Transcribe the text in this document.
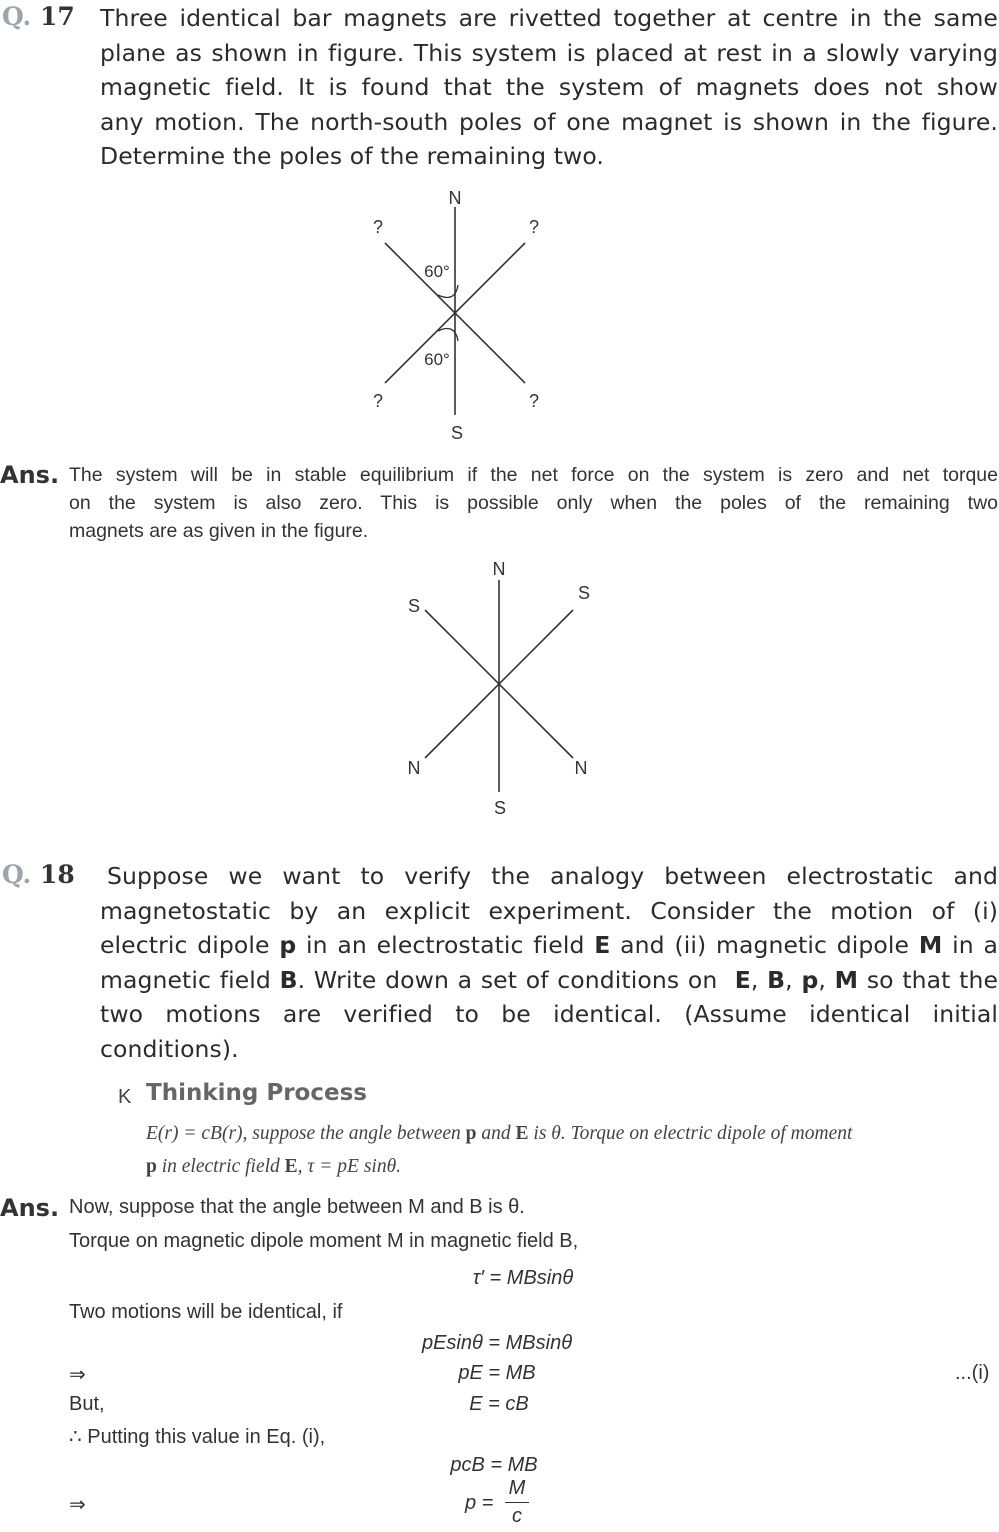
Q. 17 Three identical bar magnets are rivetted together at centre in the same
plane as shown in figure. This system is placed at rest in a slowly varying
magnetic field. It is found that the system of magnets does not show
any motion. The north-south poles of one magnet is shown in the figure.
Determine the poles of the remaining two.
N
S
?	?
?	?
60°
60°
Ans. The system will be in stable equilibrium if the net force on the system is zero and net torque
on the system is also zero. This is possible only when the poles of the remaining two
magnets are as given in the figure.
N
S
S
S
N	N
Q. 18 Suppose we want to verify the analogy between electrostatic and
magnetostatic by an explicit experiment. Consider the motion of (i)
electric dipole p in an electrostatic field E and (ii) magnetic dipole M in a
magnetic field B. Write down a set of conditions on  E, B, p, M so that the
two motions are verified to be identical. (Assume identical initial
conditions).
K Thinking Process
E(r) = cB(r), suppose the angle between p and E is θ. Torque on electric dipole of moment
p in electric field E, τ = pE sinθ.
Ans. Now, suppose that the angle between M and B is θ.
Torque on magnetic dipole moment M in magnetic field B,
τ′ = MBsinθ
Two motions will be identical, if
pEsinθ = MBsinθ
⇒	pE = MB	...(i)
But,	E = cB
∴ Putting this value in Eq. (i),
pcB = MB
⇒	p =
M
c
